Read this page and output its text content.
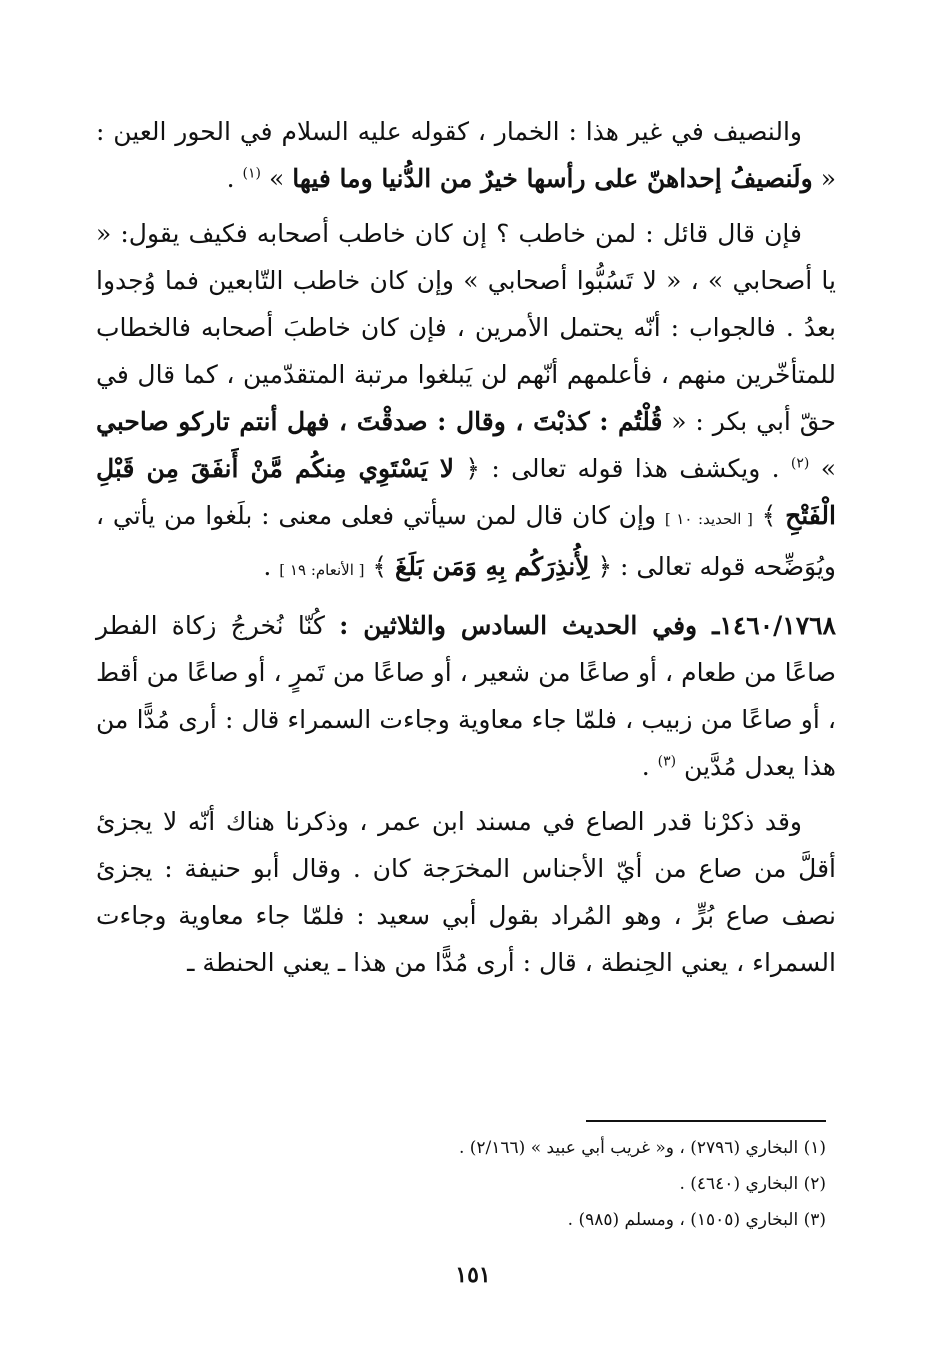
والنصيف في غير هذا : الخمار ، كقوله عليه السلام في الحور العين : « ولَنصيفُ إحداهنّ على رأسها خيرٌ من الدُّنيا وما فيها » $^{(١)}$ .

فإن قال قائل : لمن خاطب ؟ إن كان خاطب أصحابه فكيف يقول: « يا أصحابي » ، « لا تَسُبُّوا أصحابي » وإن كان خاطب التّابعين فما وُجدوا بعدُ . فالجواب : أنّه يحتمل الأمرين ، فإن كان خاطبَ أصحابه فالخطاب للمتأخّرين منهم ، فأعلمهم أنّهم لن يَبلغوا مرتبة المتقدّمين ، كما قال في حقّ أبي بكر : « قُلْتُم : كذبْتَ ، وقال : صدقْتَ ، فهل أنتم تاركو صاحبي » $^{(٢)}$ . ويكشف هذا قوله تعالى : ﴿ لا يَسْتَوِي مِنكُم مَّنْ أَنفَقَ مِن قَبْلِ الْفَتْحِ ﴾ [ الحديد: ١٠ ] وإن كان قال لمن سيأتي فعلى معنى : بلَغوا من يأتي ، ويُوَضِّحه قوله تعالى : ﴿ لِأُنذِرَكُم بِهِ وَمَن بَلَغَ ﴾ [ الأنعام: ١٩ ] .

١٤٦٠/١٧٦٨ـ وفي الحديث السادس والثلاثين : كُنّا نُخرجُ زكاة الفطر صاعًا من طعام ، أو صاعًا من شعير ، أو صاعًا من تَمرٍ ، أو صاعًا من أقط ، أو صاعًا من زبيب ، فلمّا جاء معاوية وجاءت السمراء قال : أرى مُدًّا من هذا يعدل مُدَّين $^{(٣)}$ .

وقد ذكرْنا قدر الصاع في مسند ابن عمر ، وذكرنا هناك أنّه لا يجزئ أقلَّ من صاع من أيّ الأجناس المخرَجة كان . وقال أبو حنيفة : يجزئ نصف صاع بُرٍّ ، وهو المُراد بقول أبي سعيد : فلمّا جاء معاوية وجاءت السمراء ، يعني الحِنطة ، قال : أرى مُدًّا من هذا ـ يعني الحنطة ـ

(١) البخاري (٢٧٩٦) ، و« غريب أبي عبيد » (٢/١٦٦) .

(٢) البخاري (٤٦٤٠) .

(٣) البخاري (١٥٠٥) ، ومسلم (٩٨٥) .

١٥١
